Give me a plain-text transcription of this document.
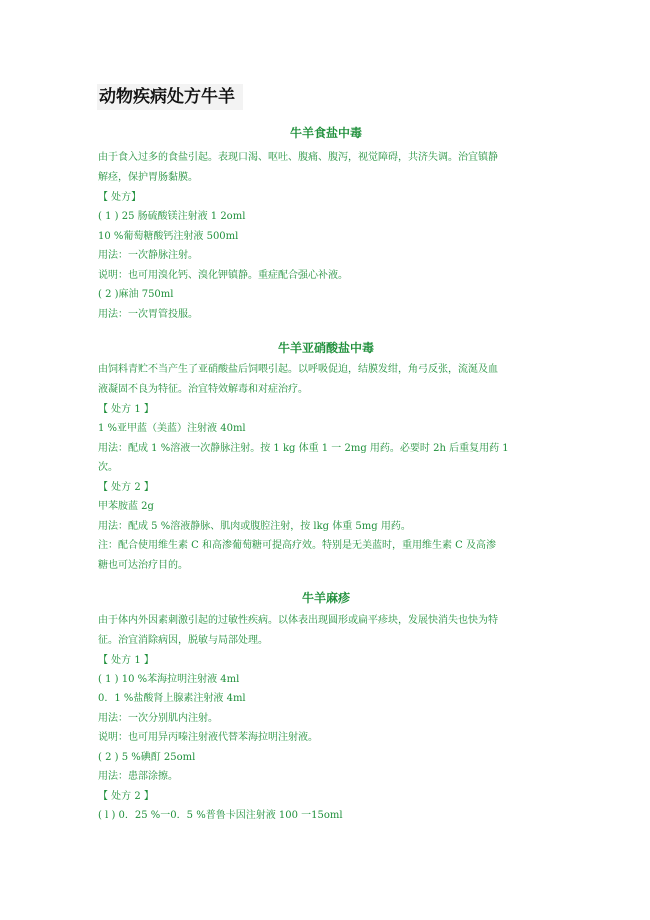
动物疾病处方牛羊
牛羊食盐中毒

由于食入过多的食盐引起。表现口渴、呕吐、腹痛、腹泻，视觉障碍，共济失调。治宜镇静

解痉，保护胃肠黏膜。

【 处方】

( 1 ) 25 肠硫酸镁注射液 1 2oml

10 %葡萄糖酸钙注射液 500ml

用法：一次静脉注射。

说明：也可用溴化钙、溴化钾镇静。重症配合强心补液。

( 2 )麻油 750ml

用法：一次胃管投服。

牛羊亚硝酸盐中毒

由饲料青贮不当产生了亚硝酸盐后饲喂引起。以呼吸促迫，结膜发绀，角弓反张，流涎及血

液凝固不良为特征。治宜特效解毒和对症治疗。

【 处方 1 】

1 %亚甲蓝（美蓝）注射液 40ml

用法：配成 1 %溶液一次静脉注射。按 1 kg 体重 1 一 2mg 用药。必要时 2h 后重复用药 1

次。

【 处方 2 】

甲苯胺蓝 2g

用法：配成 5 %溶液静脉、肌肉或腹腔注射，按 lkg 体重 5mg 用药。

注：配合使用维生素 C 和高渗葡萄糖可提高疗效。特别是无美蓝时，重用维生素 C 及高渗

糖也可达治疗目的。

牛羊麻疹

由于体内外因素刺激引起的过敏性疾病。以体表出现圆形或扁平疹块，发展快消失也快为特

征。治宜消除病因，脱敏与局部处理。

【 处方 1 】

( 1 ) 10 %苯海拉明注射液 4ml

0．1 %盐酸肾上腺素注射液 4ml

用法：一次分别肌内注射。

说明：也可用异丙嗪注射液代替苯海拉明注射液。

( 2 ) 5 %碘酊 25oml

用法：患部涂擦。

【 处方 2 】

( l ) 0．25 %一0．5 %普鲁卡因注射液 100 一15oml
